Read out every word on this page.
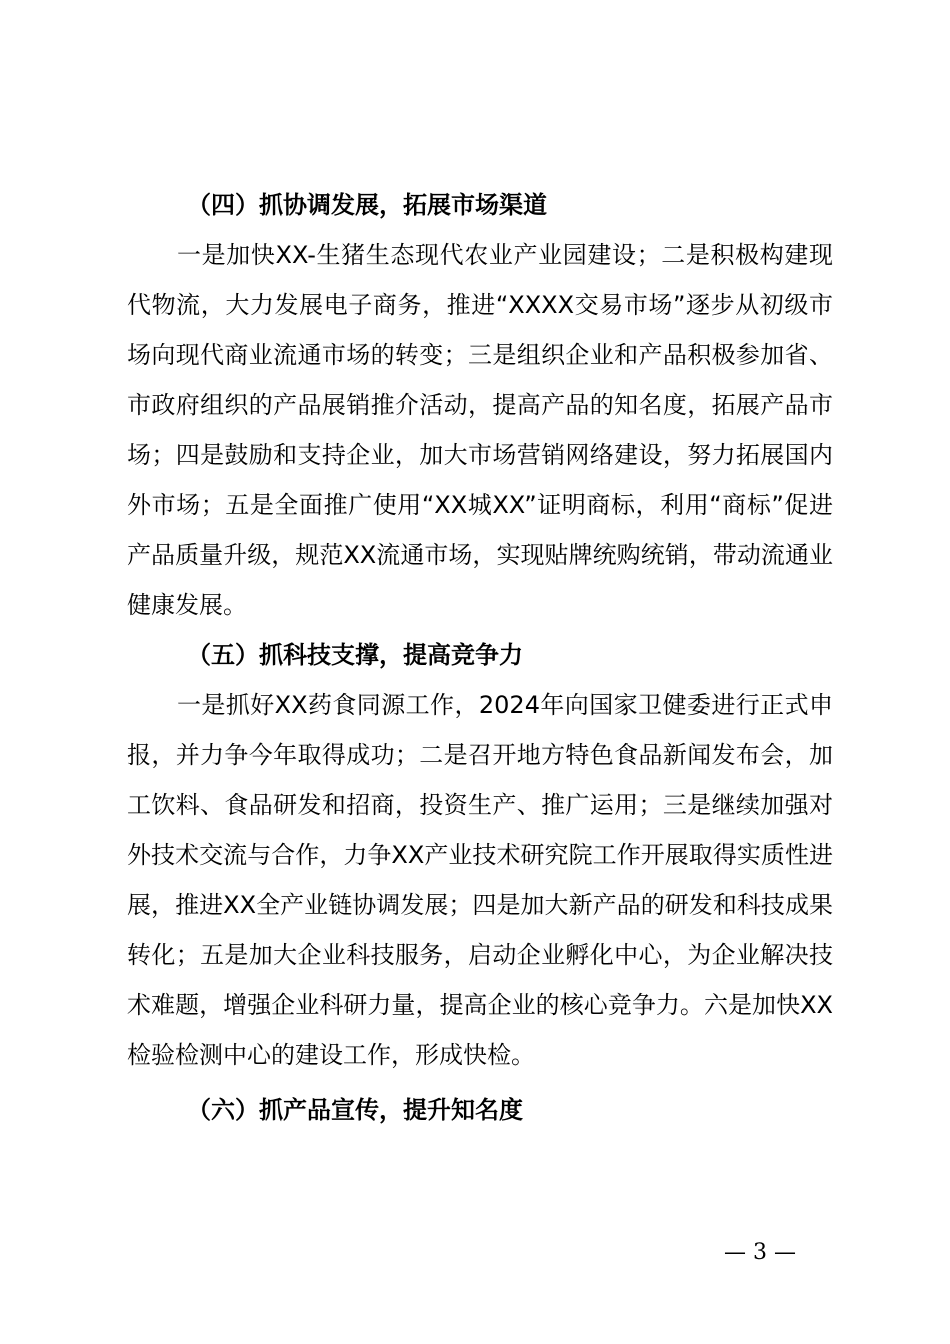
（四）抓协调发展，拓展市场渠道

一是加快XX-生猪生态现代农业产业园建设；二是积极构建现代物流，大力发展电子商务，推进“XXXX交易市场”逐步从初级市场向现代商业流通市场的转变；三是组织企业和产品积极参加省、市政府组织的产品展销推介活动，提高产品的知名度，拓展产品市场；四是鼓励和支持企业，加大市场营销网络建设，努力拓展国内外市场；五是全面推广使用“XX城XX”证明商标，利用“商标”促进产品质量升级，规范XX流通市场，实现贴牌统购统销，带动流通业健康发展。

（五）抓科技支撑，提高竞争力

一是抓好XX药食同源工作，2024年向国家卫健委进行正式申报，并力争今年取得成功；二是召开地方特色食品新闻发布会，加工饮料、食品研发和招商，投资生产、推广运用；三是继续加强对外技术交流与合作，力争XX产业技术研究院工作开展取得实质性进展，推进XX全产业链协调发展；四是加大新产品的研发和科技成果转化；五是加大企业科技服务，启动企业孵化中心，为企业解决技术难题，增强企业科研力量，提高企业的核心竞争力。六是加快XX检验检测中心的建设工作，形成快检。

（六）抓产品宣传，提升知名度

— 3 —
